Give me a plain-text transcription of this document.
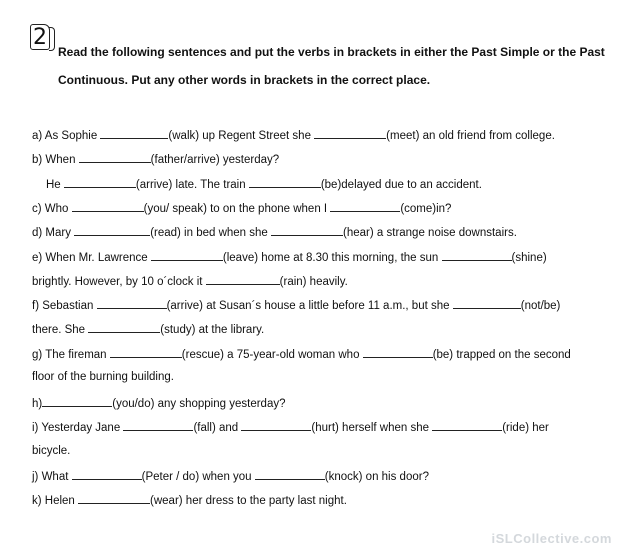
2
Read the following sentences and put the verbs in brackets in either the Past Simple or the Past Continuous. Put any other words in brackets in the correct place.
a) As Sophie	(walk) up Regent Street she	(meet) an old friend from college.
b) When	(father/arrive) yesterday?
He	(arrive) late. The train	(be)delayed due to an accident.
c) Who	(you/ speak) to on the phone when I	(come)in?
d) Mary	(read) in bed when she	(hear) a strange noise downstairs.
e) When Mr. Lawrence	(leave) home at 8.30 this morning, the sun	(shine)
brightly. However, by 10 o´clock it	(rain) heavily.
f) Sebastian	(arrive) at Susan´s house a little before 11 a.m., but she	(not/be)
there. She	(study) at the library.
g) The fireman	(rescue) a 75-year-old woman who	(be) trapped on the second
floor of the burning building.
h)	(you/do) any shopping yesterday?
i) Yesterday Jane	(fall) and	(hurt) herself when she	(ride) her
bicycle.
j) What	(Peter / do) when you	(knock) on his door?
k) Helen	(wear) her dress to the party last night.
iSLCollective.com
